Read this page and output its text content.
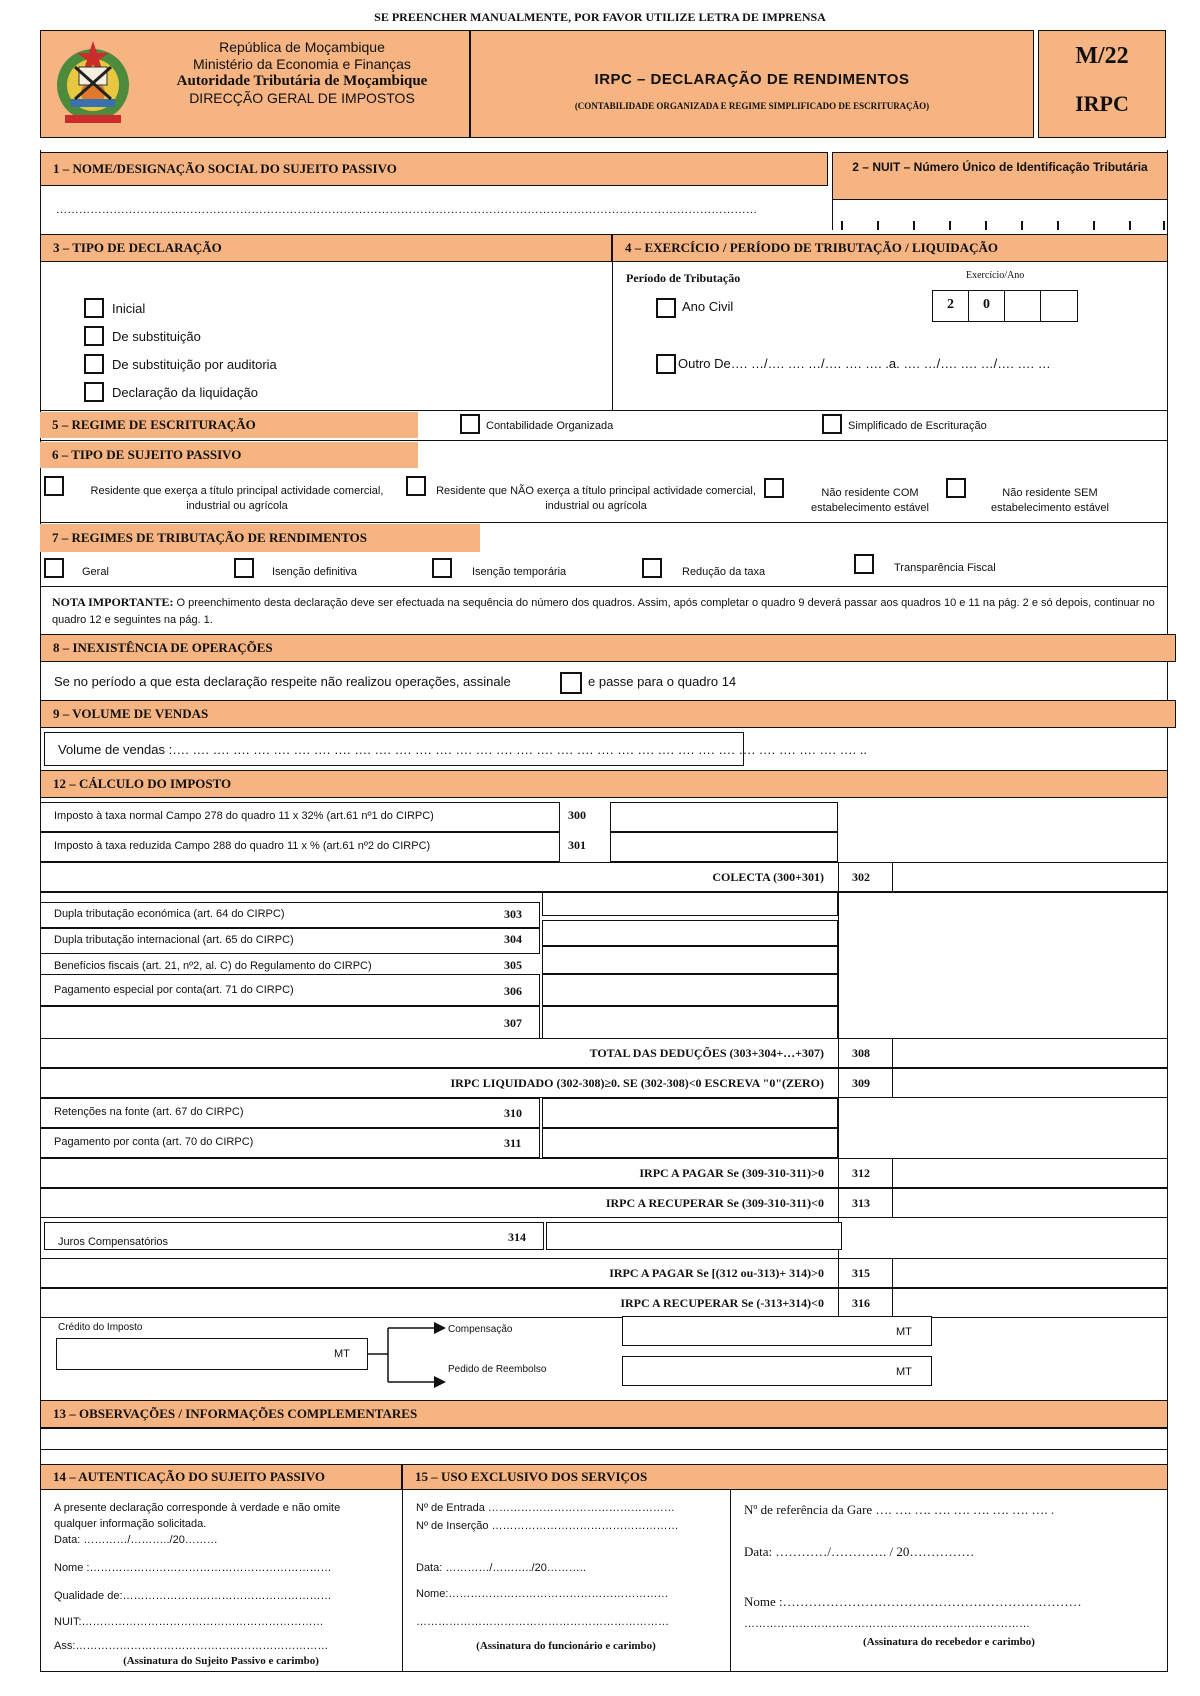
SE PREENCHER MANUALMENTE, POR FAVOR UTILIZE LETRA DE IMPRENSA
República de Moçambique
Ministério da Economia e Finanças
Autoridade Tributária de Moçambique
DIRECÇÃO GERAL DE IMPOSTOS
IRPC – DECLARAÇÃO DE RENDIMENTOS
(CONTABILIDADE ORGANIZADA E REGIME SIMPLIFICADO DE ESCRITURAÇÃO)
M/22
IRPC
1 – NOME/DESIGNAÇÃO SOCIAL DO SUJEITO PASSIVO
…………………………………………………………………………………………………………………………………………………………………
2 – NUIT – Número Único de Identificação Tributária
3 – TIPO DE DECLARAÇÃO	4 – EXERCÍCIO / PERÍODO DE TRIBUTAÇÃO / LIQUIDAÇÃO
Inicial
De substituição
De substituição por auditoria
Declaração da liquidação
Período de Tributação	Exercício/Ano
2	0
Ano Civil
Outro De…. …/…. …. …/…. …. …. .a. …. …/…. …. …/…. …. …
5 – REGIME DE ESCRITURAÇÃO	Contabilidade Organizada	Simplificado de Escrituração
6 – TIPO DE SUJEITO PASSIVO
Residente que exerça a título principal actividade comercial, industrial ou agrícola
Residente que NÃO exerça a título principal actividade comercial, industrial ou agrícola
Não residente COM estabelecimento estável
Não residente SEM estabelecimento estável
7 – REGIMES DE TRIBUTAÇÃO DE RENDIMENTOS
Geral	Isenção definitiva	Isenção temporária	Redução da taxa	Transparência Fiscal
NOTA IMPORTANTE: O preenchimento desta declaração deve ser efectuada na sequência do número dos quadros. Assim, após completar o quadro 9 deverá passar aos quadros 10 e 11 na pág. 2 e só depois, continuar no quadro 12 e seguintes na pág. 1.
8 – INEXISTÊNCIA DE OPERAÇÕES
Se no período a que esta declaração respeite não realizou operações, assinale	e passe para o quadro 14
9 – VOLUME DE VENDAS
Volume de vendas :…. …. …. …. …. …. …. …. …. …. …. …. …. …. …. …. …. …. …. …. …. …. …. …. …. …. …. …. …. …. …. …. …. …. ..
12 – CÁLCULO DO IMPOSTO
Imposto à taxa normal Campo 278 do quadro 11 x 32% (art.61 nº1 do CIRPC)	300
Imposto à taxa reduzida Campo 288 do quadro 11 x % (art.61 nº2 do CIRPC)	301
COLECTA (300+301) 302
Dupla tributação económica (art. 64 do CIRPC)	303
Dupla tributação internacional (art. 65 do CIRPC)	304
Benefícios fiscais (art. 21, nº2, al. C) do Regulamento do CIRPC)	305
Pagamento especial por conta(art. 71 do CIRPC)	306
307
TOTAL DAS DEDUÇÕES (303+304+…+307) 308
IRPC LIQUIDADO (302-308)≥0. SE (302-308)<0 ESCREVA "0"(ZERO) 309
Retenções na fonte (art. 67 do CIRPC)	310
Pagamento por conta (art. 70 do CIRPC)	311
IRPC A PAGAR Se (309-310-311)>0 312
IRPC A RECUPERAR Se (309-310-311)<0 313
Juros Compensatórios	314
IRPC A PAGAR Se [(312 ou-313)+ 314)>0 315
IRPC A RECUPERAR Se (-313+314)<0 316
Crédito do Imposto
MT
Compensação
Pedido de Reembolso
MT
MT
13 – OBSERVAÇÕES / INFORMAÇÕES COMPLEMENTARES
14 – AUTENTICAÇÃO DO SUJEITO PASSIVO	15 – USO EXCLUSIVO DOS SERVIÇOS
A presente declaração corresponde à verdade e não omite
qualquer informação solicitada.
Data: …………/………../20………
Nome :…………………………………………………………
Qualidade de:…………………………………………………
NUIT:…………………………………………………………
Ass:……………………………………………………………
(Assinatura do Sujeito Passivo e carimbo)
Nº de Entrada ……………………………………………
Nº de Inserção ……………………………………………
Data: …………/………../20………..
Nome:……………………………………………………
……………………………………………………………
(Assinatura do funcionário e carimbo)
Nº de referência da Gare …. …. …. …. …. …. …. …. …. .
Data: …………/…………. / 20……………
Nome :……………………………………………………………
……………………………………………………………………
(Assinatura do recebedor e carimbo)
